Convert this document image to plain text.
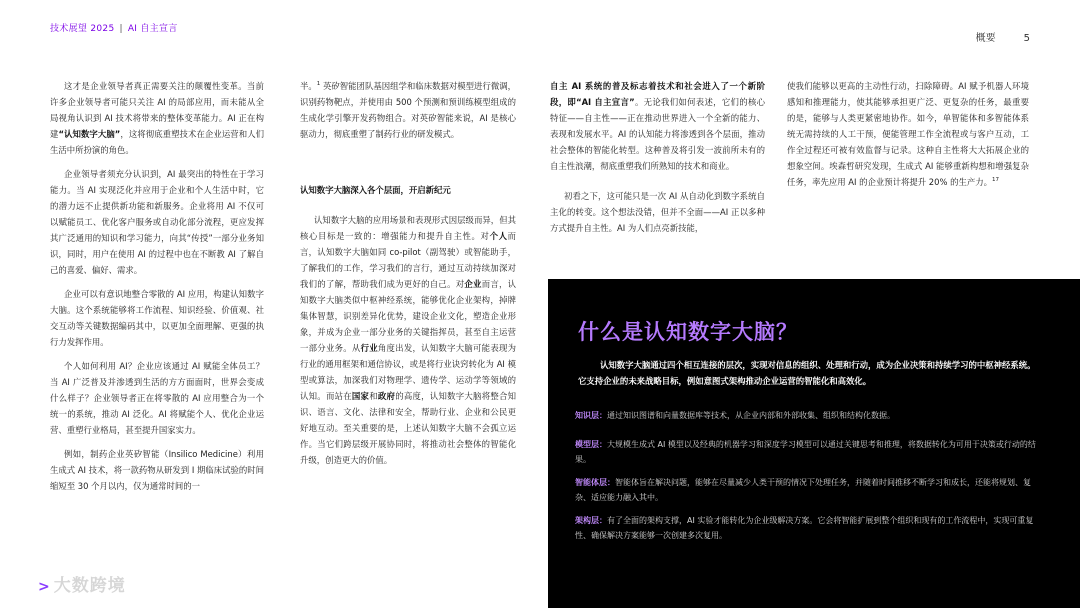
技术展望 2025 | AI 自主宣言
概要	5

这才是企业领导者真正需要关注的颠覆性变革。当前许多企业领导者可能只关注 AI 的局部应用，而未能从全局视角认识到 AI 技术将带来的整体变革能力。AI 正在构建“认知数字大脑”，这将彻底重塑技术在企业运营和人们生活中所扮演的角色。

企业领导者须充分认识到，AI 最突出的特性在于学习能力。当 AI 实现泛化并应用于企业和个人生活中时，它的潜力远不止提供新功能和新服务。企业将用 AI 不仅可以赋能员工、优化客户服务或自动化部分流程，更应发挥其广泛通用的知识和学习能力，向其“传授”一部分业务知识，同时，用户在使用 AI 的过程中也在不断教 AI 了解自己的喜爱、偏好、需求。

企业可以有意识地整合零散的 AI 应用，构建认知数字大脑。这个系统能够将工作流程、知识经验、价值观、社交互动等关键数据编码其中，以更加全面理解、更强的执行力发挥作用。

个人如何利用 AI？企业应该通过 AI 赋能全体员工？当 AI 广泛普及并渗透到生活的方方面面时，世界会变成什么样子？企业领导者正在将零散的 AI 应用整合为一个统一的系统，推动 AI 泛化。AI 将赋能个人、优化企业运营、重塑行业格局，甚至提升国家实力。

例如，制药企业英矽智能（Insilico Medicine）利用生成式 AI 技术，将一款药物从研发到 I 期临床试验的时间缩短至 30 个月以内，仅为通常时间的一

半。$^1$ 英矽智能团队基因组学和临床数据对模型进行微调，识别药物靶点，并使用由 500 个预测和预训练模型组成的生成化学引擎开发药物组合。对英矽智能来说，AI 是核心驱动力，彻底重塑了制药行业的研发模式。

认知数字大脑深入各个层面，开启新纪元

认知数字大脑的应用场景和表现形式因层级而异，但其核心目标是一致的：增强能力和提升自主性。对个人而言，认知数字大脑如同 co-pilot（副驾驶）或智能助手，了解我们的工作，学习我们的言行，通过互动持续加深对我们的了解，帮助我们成为更好的自己。对企业而言，认知数字大脑类似中枢神经系统，能够优化企业架构，掉牌集体智慧，识别差异化优势，建设企业文化，塑造企业形象，并成为企业一部分业务的关键指挥员，甚至自主运营一部分业务。从行业角度出发，认知数字大脑可能表现为行业的通用框架和通信协议，或是将行业诀窍转化为 AI 模型或算法，加深我们对物理学、遗传学、运动学等领域的认知。而站在国家和政府的高度，认知数字大脑将整合知识、语言、文化、法律和安全，帮助行业、企业和公民更好地互动。至关重要的是，上述认知数字大脑不会孤立运作。当它们跨层级开展协同时，将推动社会整体的智能化升级，创造更大的价值。

自主 AI 系统的普及标志着技术和社会进入了一个新阶段，即“AI 自主宣言”。无论我们如何表述，它们的核心特征——自主性——正在推动世界进入一个全新的能力、表现和发展水平。AI 的认知能力将渗透到各个层面，推动社会整体的智能化转型。这种普及将引发一波前所未有的自主性浪潮，彻底重塑我们所熟知的技术和商业。

初看之下，这可能只是一次 AI 从自动化到数字系统自主化的转变。这个想法没错，但并不全面——AI 正以多种方式提升自主性。AI 为人们点亮新技能，

使我们能够以更高的主动性行动，扫除障碍。AI 赋予机器人环境感知和推理能力，使其能够承担更广泛、更复杂的任务，最重要的是，能够与人类更紧密地协作。如今，单智能体和多智能体系统无需持续的人工干预，便能管理工作全流程或与客户互动，工作全过程还可被有效监督与记录。这种自主性将大大拓展企业的想象空间。埃森哲研究发现，生成式 AI 能够重新构想和增强复杂任务，率先应用 AI 的企业预计将提升 20% 的生产力。$^{17}$

什么是认知数字大脑？
认知数字大脑通过四个相互连接的层次，实现对信息的组织、处理和行动，成为企业决策和持续学习的中枢神经系统。它支持企业的未来战略目标，例如意图式架构推动企业运营的智能化和高效化。
知识层：通过知识图谱和向量数据库等技术，从企业内部和外部收集、组织和结构化数据。
模型层：大规模生成式 AI 模型以及经典的机器学习和深度学习模型可以通过关键思考和推理，将数据转化为可用于决策或行动的结果。
智能体层：智能体旨在解决问题，能够在尽量减少人类干预的情况下处理任务，并随着时间推移不断学习和成长，还能将规划、复杂、适应能力融入其中。
架构层：有了全面的架构支撑，AI 实验才能转化为企业级解决方案。它会将智能扩展到整个组织和现有的工作流程中，实现可重复性、确保解决方案能够一次创建多次复用。
> 大数跨境
